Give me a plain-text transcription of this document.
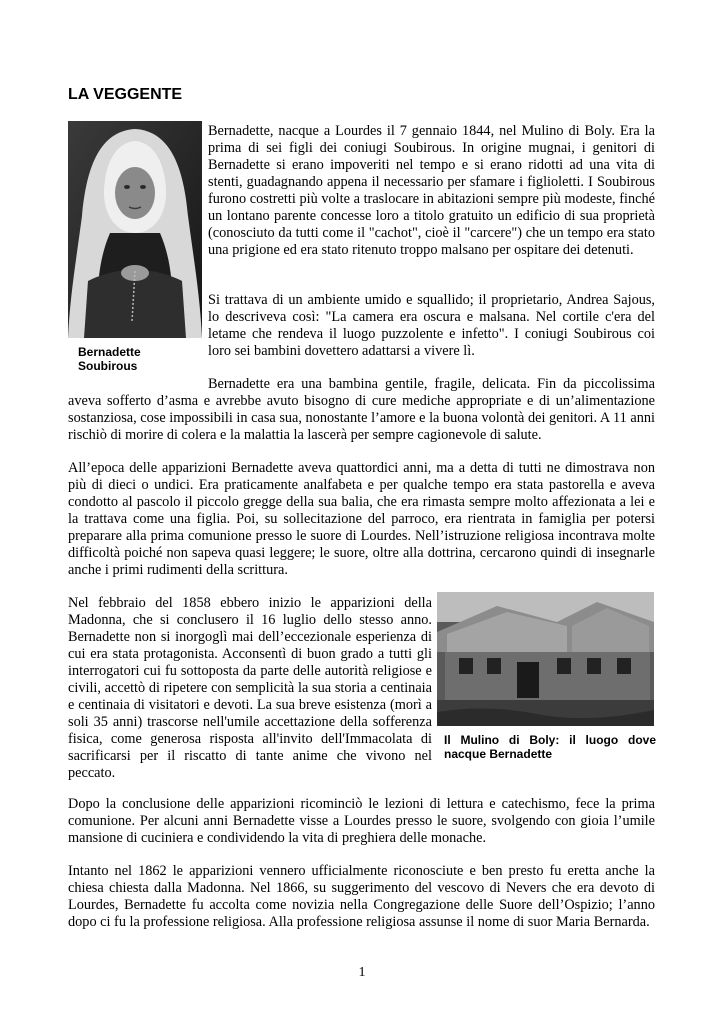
LA VEGGENTE
Bernadette Soubirous

Bernadette, nacque a Lourdes il 7 gennaio 1844, nel Mulino di Boly. Era la prima di sei figli dei coniugi Soubirous. In origine mugnai, i genitori di Bernadette si erano impoveriti nel tempo e si erano ridotti ad una vita di stenti, guadagnando appena il necessario per sfamare i figlioletti. I Soubirous furono costretti più volte a traslocare in abitazioni sempre più modeste, finché un lontano parente concesse loro a titolo gratuito un edificio di sua proprietà (conosciuto da tutti come il "cachot", cioè il "carcere") che un tempo era stato una prigione ed era stato ritenuto troppo malsano per ospitare dei detenuti.

Si trattava di un ambiente umido e squallido; il proprietario, Andrea Sajous, lo descriveva così: "La camera era oscura e malsana. Nel cortile c'era del letame che rendeva il luogo puzzolente e infetto". I coniugi Soubirous coi loro sei bambini dovettero adattarsi a vivere lì.

Bernadette era una bambina gentile, fragile, delicata. Fin da piccolissima aveva sofferto d’asma e avrebbe avuto bisogno di cure mediche appropriate e di un’alimentazione sostanziosa, cose impossibili in casa sua, nonostante l’amore e la buona volontà dei genitori. A 11 anni rischiò di morire di colera e la malattia la lascerà per sempre cagionevole di salute.

All’epoca delle apparizioni Bernadette aveva quattordici anni, ma a detta di tutti ne dimostrava non più di dieci o undici. Era praticamente analfabeta e per qualche tempo era stata pastorella e aveva condotto al pascolo il piccolo gregge della sua balia, che era rimasta sempre molto affezionata a lei e la trattava come una figlia. Poi, su sollecitazione del parroco, era rientrata in famiglia per potersi preparare alla prima comunione presso le suore di Lourdes. Nell’istruzione religiosa incontrava molte difficoltà poiché non sapeva quasi leggere; le suore, oltre alla dottrina, cercarono quindi di insegnarle anche i primi rudimenti della scrittura.

Nel febbraio del 1858 ebbero inizio le apparizioni della Madonna, che si conclusero il 16 luglio dello stesso anno. Bernadette non si inorgoglì mai dell’eccezionale esperienza di cui era stata protagonista. Acconsentì di buon grado a tutti gli interrogatori cui fu sottoposta da parte delle autorità religiose e civili, accettò di ripetere con semplicità la sua storia a centinaia e centinaia di visitatori e devoti. La sua breve esistenza (morì a soli 35 anni) trascorse nell'umile accettazione della sofferenza fisica, come generosa risposta all'invito dell'Immacolata di sacrificarsi per il riscatto di tante anime che vivono nel peccato.

Il Mulino di Boly: il luogo dove nacque Bernadette

Dopo la conclusione delle apparizioni ricominciò le lezioni di lettura e catechismo, fece la prima comunione. Per alcuni anni Bernadette visse a Lourdes presso le suore, svolgendo con gioia l’umile mansione di cuciniera e condividendo la vita di preghiera delle monache.

Intanto nel 1862 le apparizioni vennero ufficialmente riconosciute e ben presto fu eretta anche la chiesa chiesta dalla Madonna. Nel 1866, su suggerimento del vescovo di Nevers che era devoto di Lourdes, Bernadette fu accolta come novizia nella Congregazione delle Suore dell’Ospizio; l’anno dopo ci fu la professione religiosa. Alla professione religiosa assunse il nome di suor Maria Bernarda.

1
